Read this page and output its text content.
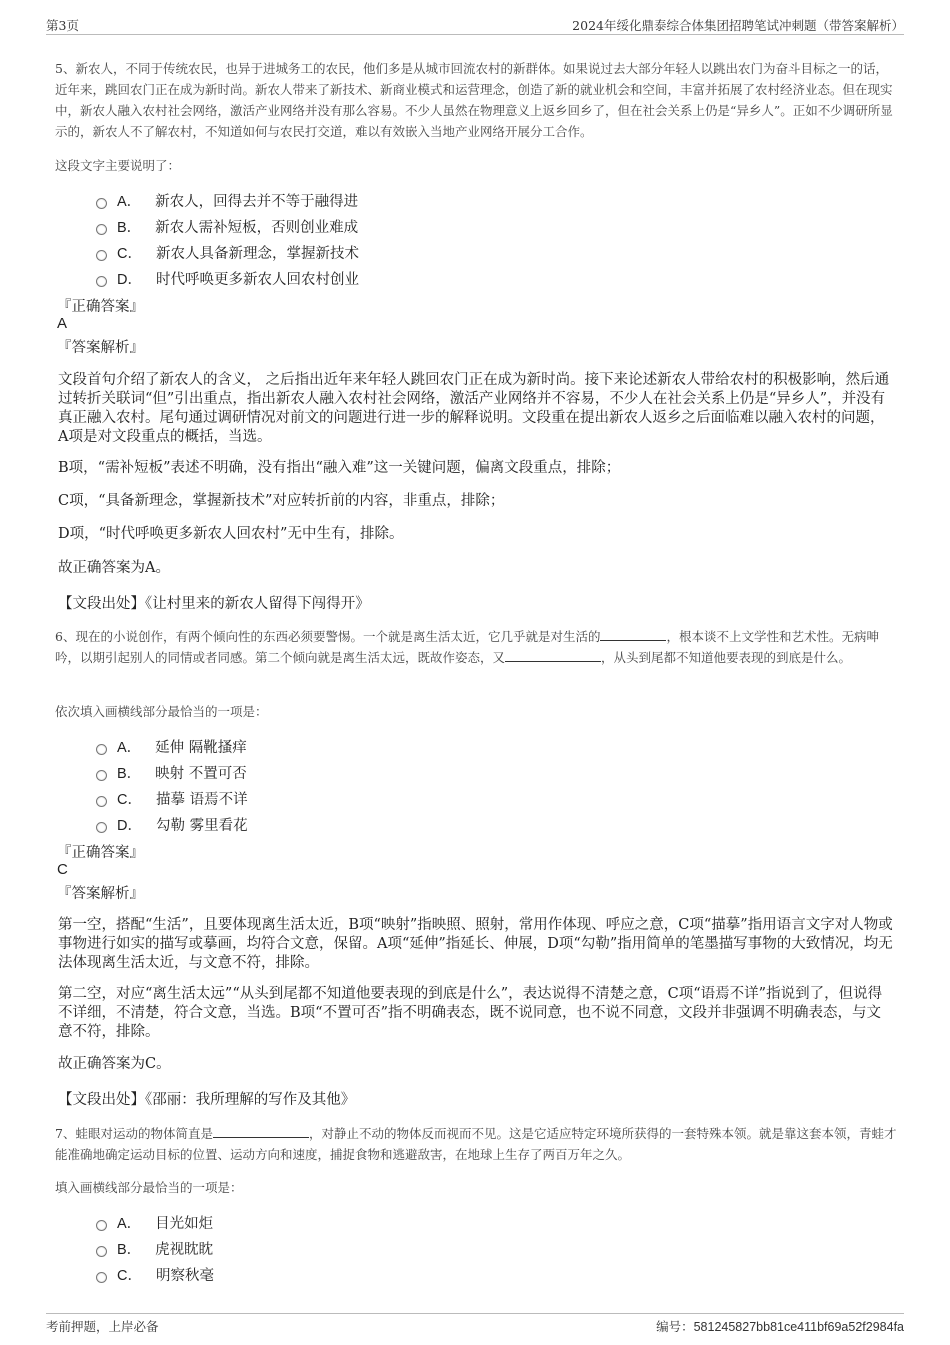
第3页	2024年绥化鼎泰综合体集团招聘笔试冲刺题（带答案解析）
5、新农人，不同于传统农民，也异于进城务工的农民，他们多是从城市回流农村的新群体。如果说过去大部分年轻人以跳出农门为奋斗目标之一的话，近年来，跳回农门正在成为新时尚。新农人带来了新技术、新商业模式和运营理念，创造了新的就业机会和空间，丰富并拓展了农村经济业态。但在现实中，新农人融入农村社会网络，激活产业网络并没有那么容易。不少人虽然在物理意义上返乡回乡了，但在社会关系上仍是“异乡人”。正如不少调研所显示的，新农人不了解农村，不知道如何与农民打交道，难以有效嵌入当地产业网络开展分工合作。
这段文字主要说明了：
A． 新农人，回得去并不等于融得进
B． 新农人需补短板，否则创业难成
C． 新农人具备新理念，掌握新技术
D． 时代呼唤更多新农人回农村创业
『正确答案』
A
『答案解析』
文段首句介绍了新农人的含义， 之后指出近年来年轻人跳回农门正在成为新时尚。接下来论述新农人带给农村的积极影响，然后通过转折关联词“但”引出重点，指出新农人融入农村社会网络，激活产业网络并不容易，不少人在社会关系上仍是“异乡人”，并没有真正融入农村。尾句通过调研情况对前文的问题进行进一步的解释说明。文段重在提出新农人返乡之后面临难以融入农村的问题，A项是对文段重点的概括，当选。
B项，“需补短板”表述不明确，没有指出“融入难”这一关键问题，偏离文段重点，排除；
C项，“具备新理念，掌握新技术”对应转折前的内容，非重点，排除；
D项，“时代呼唤更多新农人回农村”无中生有，排除。
故正确答案为A。
【文段出处】《让村里来的新农人留得下闯得开》
6、现在的小说创作，有两个倾向性的东西必须要警惕。一个就是离生活太近，它几乎就是对生活的	，根本谈不上文学性和艺术性。无病呻吟，以期引起别人的同情或者同感。第二个倾向就是离生活太远，既故作姿态，又	，从头到尾都不知道他要表现的到底是什么。
依次填入画横线部分最恰当的一项是：
A． 延伸 隔靴搔痒
B． 映射 不置可否
C． 描摹 语焉不详
D． 勾勒 雾里看花
『正确答案』
C
『答案解析』
第一空，搭配“生活”，且要体现离生活太近，B项“映射”指映照、照射，常用作体现、呼应之意，C项“描摹”指用语言文字对人物或事物进行如实的描写或摹画，均符合文意，保留。A项“延伸”指延长、伸展，D项“勾勒”指用简单的笔墨描写事物的大致情况，均无法体现离生活太近，与文意不符，排除。
第二空，对应“离生活太远”“从头到尾都不知道他要表现的到底是什么”，表达说得不清楚之意，C项“语焉不详”指说到了，但说得不详细，不清楚，符合文意，当选。B项“不置可否”指不明确表态，既不说同意，也不说不同意，文段并非强调不明确表态，与文意不符，排除。
故正确答案为C。
【文段出处】《邵丽：我所理解的写作及其他》
7、蛙眼对运动的物体简直是	，对静止不动的物体反而视而不见。这是它适应特定环境所获得的一套特殊本领。就是靠这套本领，青蛙才能准确地确定运动目标的位置、运动方向和速度，捕捉食物和逃避敌害，在地球上生存了两百万年之久。
填入画横线部分最恰当的一项是：
A． 目光如炬
B． 虎视眈眈
C． 明察秋毫
考前押题，上岸必备	编号：581245827bb81ce411bf69a52f2984fa
